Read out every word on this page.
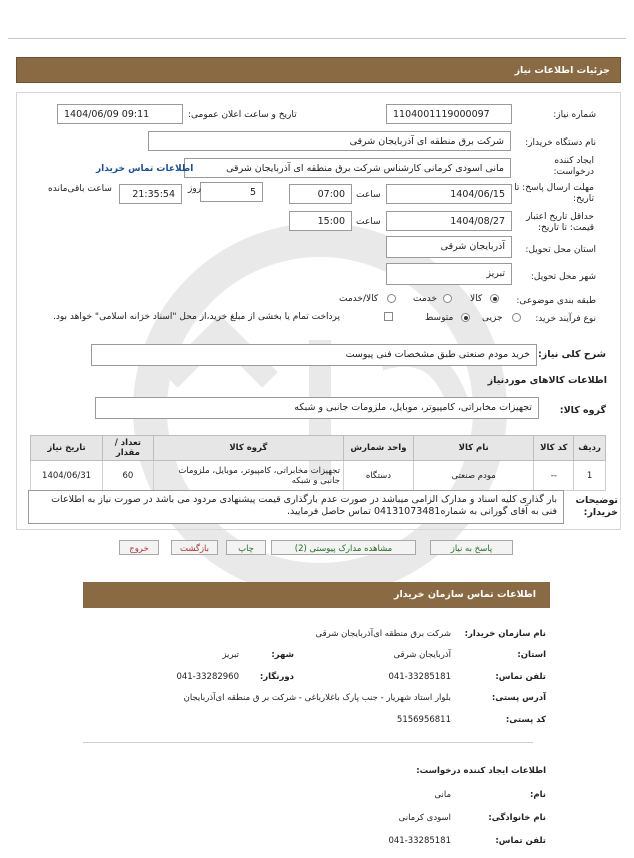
جزئیات اطلاعات نیاز
شماره نیاز:
1104001119000097
تاریخ و ساعت اعلان عمومی:
1404/06/09 09:11
نام دستگاه خریدار:
شرکت برق منطقه ای آذربایجان شرقی
ایجاد کننده درخواست:
مانی اسودی کرمانی کارشناس شرکت برق منطقه ای آذربایجان شرقی
اطلاعات تماس خریدار
مهلت ارسال پاسخ: تا تاریخ:
1404/06/15
ساعت
07:00
5
روز
21:35:54
ساعت باقی‌مانده
حداقل تاریخ اعتبار قیمت: تا تاریخ:
1404/08/27
ساعت
15:00
استان محل تحویل:
آذربایجان شرقی
شهر محل تحویل:
تبریز
طبقه بندی موضوعی:
کالا
خدمت
کالا/خدمت
نوع فرآیند خرید:
جزیی
متوسط
پرداخت تمام یا بخشی از مبلغ خرید،از محل "اسناد خزانه اسلامی" خواهد بود.
شرح کلی نیاز:
خرید مودم صنعتی طبق مشخصات فنی پیوست
اطلاعات کالاهای موردنیاز
گروه کالا:
تجهیزات مخابراتی، کامپیوتر، موبایل، ملزومات جانبی و شبکه
ردیف	کد کالا	نام کالا	واحد شمارش	گروه کالا	تعداد / مقدار	تاریخ نیاز
1	--	مودم صنعتی	دستگاه	تجهیزات مخابراتی، کامپیوتر، موبایل، ملزومات جانبی و شبکه	60	1404/06/31
توضیحات خریدار:
بار گذاری کلیه اسناد و مدارک الزامی میباشد در صورت عدم بارگذاری قیمت پیشنهادی مردود می باشد در صورت نیاز به اطلاعات فنی به آقای گورانی به شماره04131073481 تماس حاصل فرمایید.
پاسخ به نیاز
مشاهده مدارک پیوستی (2)
چاپ
بازگشت
خروج
اطلاعات تماس سازمان خریدار
نام سازمان خریدار:
شرکت برق منطقه ای‌آذربایجان شرقی
استان:
آذربایجان شرقی
شهر:
تبریز
تلفن تماس:
041-33285181
دورنگار:
041-33282960
آدرس پستی:
بلوار استاد شهریار - جنب پارک باغلارباغی - شرکت بر ق منطقه ای‌آذربایجان
کد پستی:
5156956811
اطلاعات ایجاد کننده درخواست:
نام:
مانی
نام خانوادگی:
اسودی کرمانی
تلفن تماس:
041-33285181
